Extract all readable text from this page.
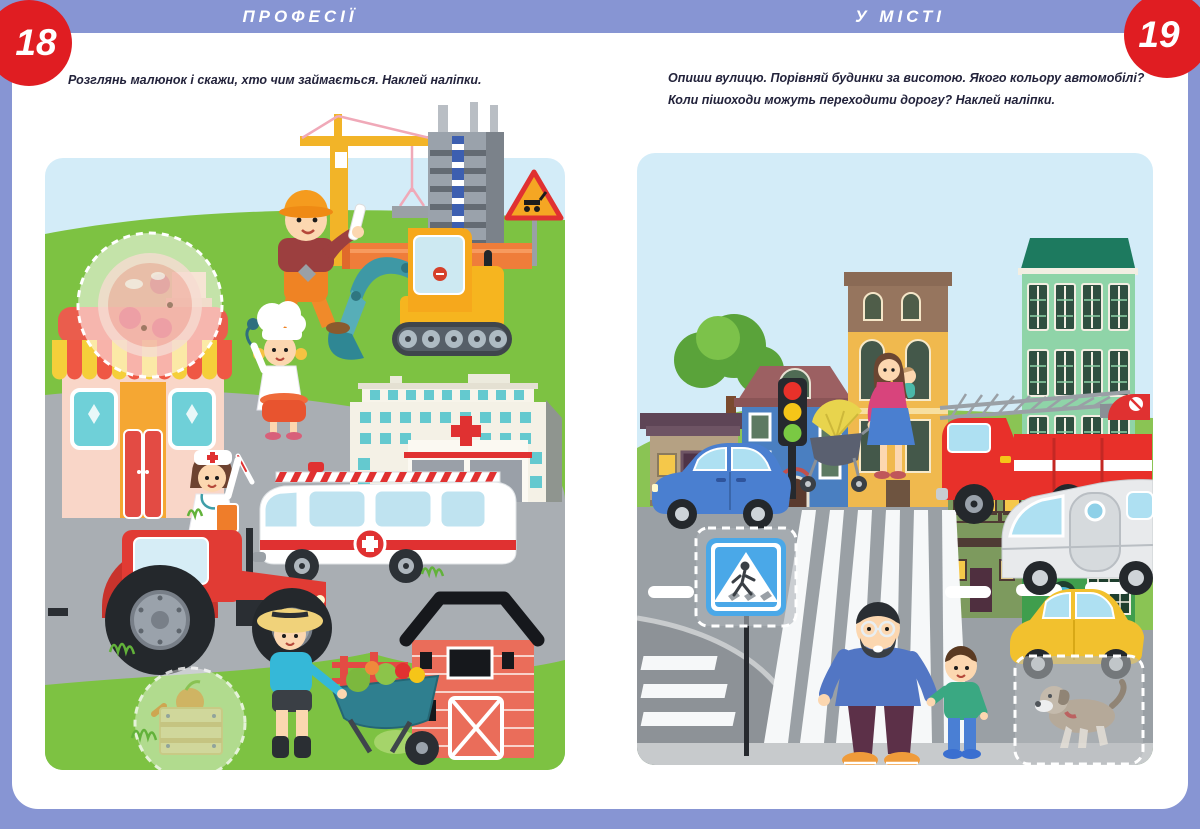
ПРОФЕСІЇ	У МІСТІ
18	19
Розглянь малюнок і скажи, хто чим займається. Наклей наліпки.	Опиши вулицю. Порівняй будинки за висотою. Якого кольору автомобілі? Коли пішоходи можуть переходити дорогу? Наклей наліпки.
